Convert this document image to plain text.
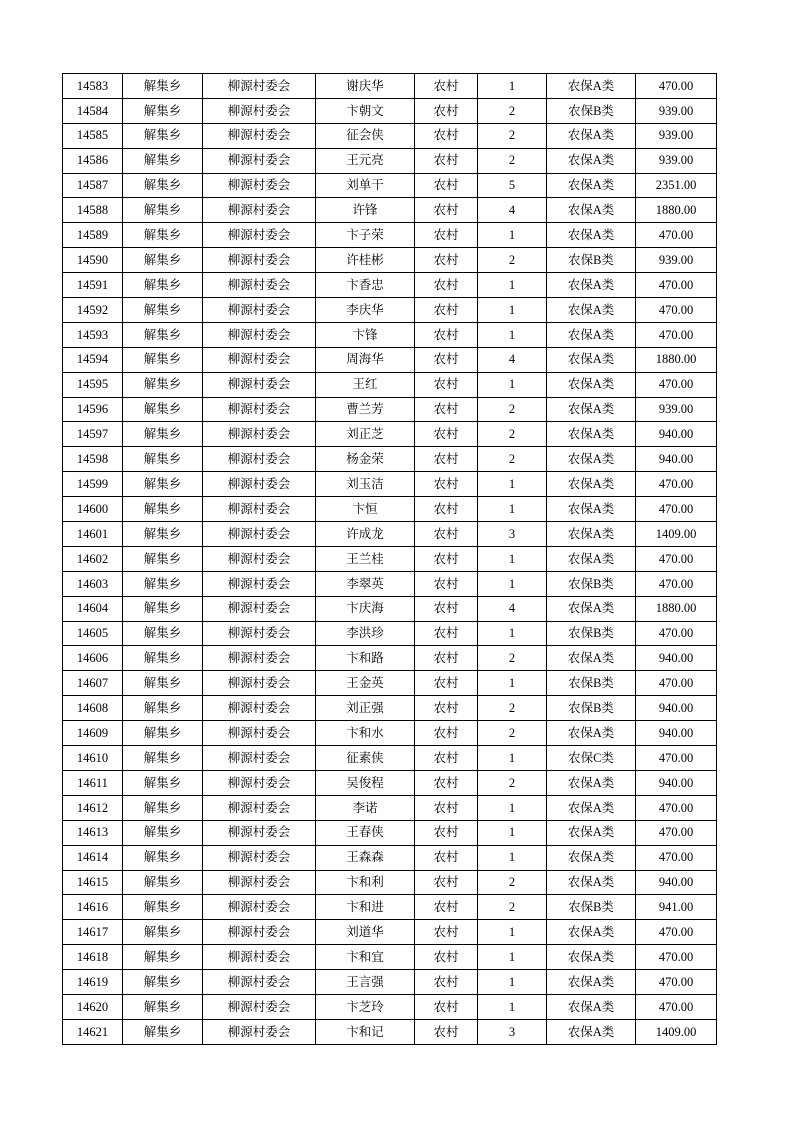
14583	解集乡	柳源村委会	谢庆华	农村	1	农保A类	470.00
14584	解集乡	柳源村委会	卞朝文	农村	2	农保B类	939.00
14585	解集乡	柳源村委会	征会侠	农村	2	农保A类	939.00
14586	解集乡	柳源村委会	王元亮	农村	2	农保A类	939.00
14587	解集乡	柳源村委会	刘单干	农村	5	农保A类	2351.00
14588	解集乡	柳源村委会	许锋	农村	4	农保A类	1880.00
14589	解集乡	柳源村委会	卞子荣	农村	1	农保A类	470.00
14590	解集乡	柳源村委会	许桂彬	农村	2	农保B类	939.00
14591	解集乡	柳源村委会	卞香忠	农村	1	农保A类	470.00
14592	解集乡	柳源村委会	李庆华	农村	1	农保A类	470.00
14593	解集乡	柳源村委会	卞锋	农村	1	农保A类	470.00
14594	解集乡	柳源村委会	周海华	农村	4	农保A类	1880.00
14595	解集乡	柳源村委会	王红	农村	1	农保A类	470.00
14596	解集乡	柳源村委会	曹兰芳	农村	2	农保A类	939.00
14597	解集乡	柳源村委会	刘正芝	农村	2	农保A类	940.00
14598	解集乡	柳源村委会	杨金荣	农村	2	农保A类	940.00
14599	解集乡	柳源村委会	刘玉洁	农村	1	农保A类	470.00
14600	解集乡	柳源村委会	卞恒	农村	1	农保A类	470.00
14601	解集乡	柳源村委会	许成龙	农村	3	农保A类	1409.00
14602	解集乡	柳源村委会	王兰桂	农村	1	农保A类	470.00
14603	解集乡	柳源村委会	李翠英	农村	1	农保B类	470.00
14604	解集乡	柳源村委会	卞庆海	农村	4	农保A类	1880.00
14605	解集乡	柳源村委会	李洪珍	农村	1	农保B类	470.00
14606	解集乡	柳源村委会	卞和路	农村	2	农保A类	940.00
14607	解集乡	柳源村委会	王金英	农村	1	农保B类	470.00
14608	解集乡	柳源村委会	刘正强	农村	2	农保B类	940.00
14609	解集乡	柳源村委会	卞和水	农村	2	农保A类	940.00
14610	解集乡	柳源村委会	征素侠	农村	1	农保C类	470.00
14611	解集乡	柳源村委会	吴俊程	农村	2	农保A类	940.00
14612	解集乡	柳源村委会	李诺	农村	1	农保A类	470.00
14613	解集乡	柳源村委会	王春侠	农村	1	农保A类	470.00
14614	解集乡	柳源村委会	王森森	农村	1	农保A类	470.00
14615	解集乡	柳源村委会	卞和利	农村	2	农保A类	940.00
14616	解集乡	柳源村委会	卞和进	农村	2	农保B类	941.00
14617	解集乡	柳源村委会	刘道华	农村	1	农保A类	470.00
14618	解集乡	柳源村委会	卞和宜	农村	1	农保A类	470.00
14619	解集乡	柳源村委会	王言强	农村	1	农保A类	470.00
14620	解集乡	柳源村委会	卞芝玲	农村	1	农保A类	470.00
14621	解集乡	柳源村委会	卞和记	农村	3	农保A类	1409.00
